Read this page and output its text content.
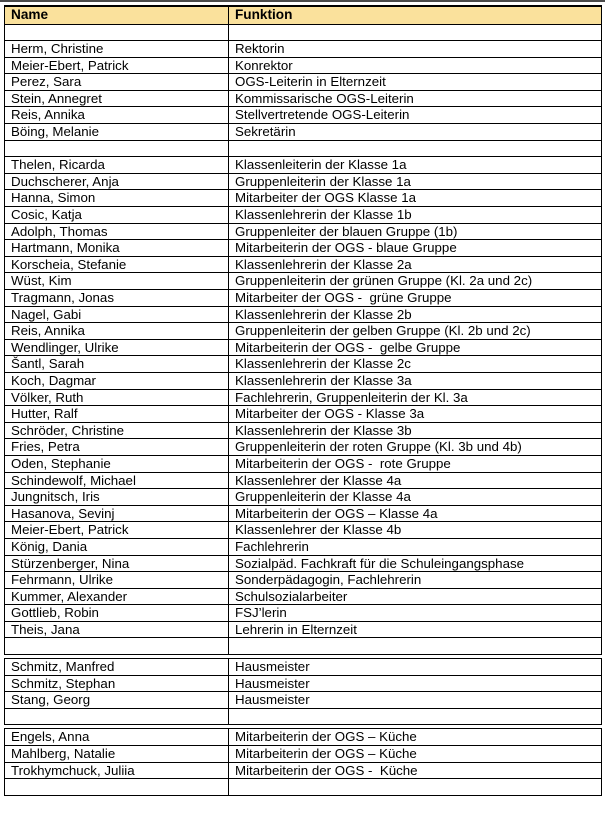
Name	Funktion

Herm, Christine	Rektorin
Meier-Ebert, Patrick	Konrektor
Perez, Sara	OGS-Leiterin in Elternzeit
Stein, Annegret	Kommissarische OGS-Leiterin
Reis, Annika	Stellvertretende OGS-Leiterin
Böing, Melanie	Sekretärin

Thelen, Ricarda	Klassenleiterin der Klasse 1a
Duchscherer, Anja	Gruppenleiterin der Klasse 1a
Hanna, Simon	Mitarbeiter der OGS Klasse 1a
Cosic, Katja	Klassenlehrerin der Klasse 1b
Adolph, Thomas	Gruppenleiter der blauen Gruppe (1b)
Hartmann, Monika	Mitarbeiterin der OGS - blaue Gruppe
Korscheia, Stefanie	Klassenlehrerin der Klasse 2a
Wüst, Kim	Gruppenleiterin der grünen Gruppe (Kl. 2a und 2c)
Tragmann, Jonas	Mitarbeiter der OGS -  grüne Gruppe
Nagel, Gabi	Klassenlehrerin der Klasse 2b
Reis, Annika	Gruppenleiterin der gelben Gruppe (Kl. 2b und 2c)
Wendlinger, Ulrike	Mitarbeiterin der OGS -  gelbe Gruppe
Šantl, Sarah	Klassenlehrerin der Klasse 2c
Koch, Dagmar	Klassenlehrerin der Klasse 3a
Völker, Ruth	Fachlehrerin, Gruppenleiterin der Kl. 3a
Hutter, Ralf	Mitarbeiter der OGS - Klasse 3a
Schröder, Christine	Klassenlehrerin der Klasse 3b
Fries, Petra	Gruppenleiterin der roten Gruppe (Kl. 3b und 4b)
Oden, Stephanie	Mitarbeiterin der OGS -  rote Gruppe
Schindewolf, Michael	Klassenlehrer der Klasse 4a
Jungnitsch, Iris	Gruppenleiterin der Klasse 4a
Hasanova, Sevinj	Mitarbeiterin der OGS – Klasse 4a
Meier-Ebert, Patrick	Klassenlehrer der Klasse 4b
König, Dania	Fachlehrerin
Stürzenberger, Nina	Sozialpäd. Fachkraft für die Schuleingangsphase
Fehrmann, Ulrike	Sonderpädagogin, Fachlehrerin
Kummer, Alexander	Schulsozialarbeiter
Gottlieb, Robin	FSJ’lerin
Theis, Jana	Lehrerin in Elternzeit

Schmitz, Manfred	Hausmeister
Schmitz, Stephan	Hausmeister
Stang, Georg	Hausmeister

Engels, Anna	Mitarbeiterin der OGS – Küche
Mahlberg, Natalie	Mitarbeiterin der OGS – Küche
Trokhymchuck, Juliia	Mitarbeiterin der OGS -  Küche
